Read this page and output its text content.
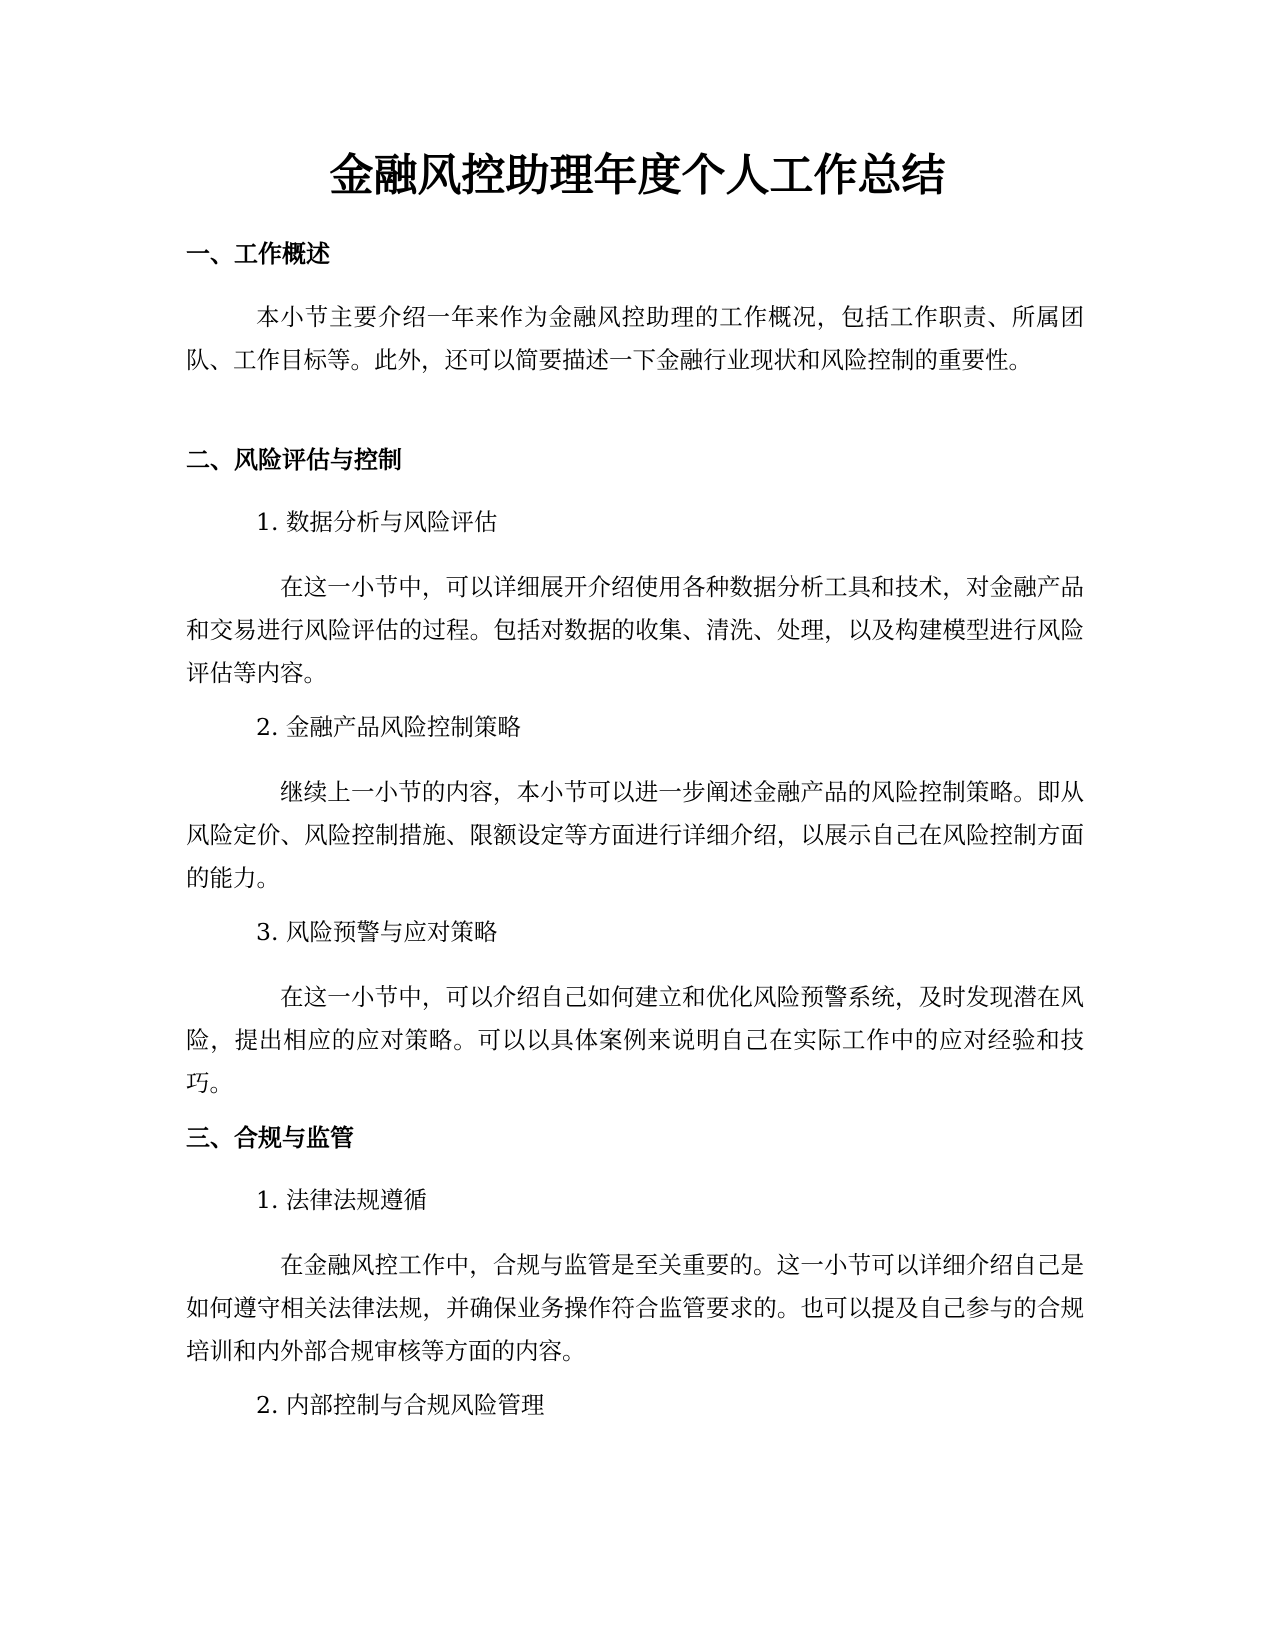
金融风控助理年度个人工作总结
一、工作概述

本小节主要介绍一年来作为金融风控助理的工作概况，包括工作职责、所属团队、工作目标等。此外，还可以简要描述一下金融行业现状和风险控制的重要性。

二、风险评估与控制

1. 数据分析与风险评估

在这一小节中，可以详细展开介绍使用各种数据分析工具和技术，对金融产品和交易进行风险评估的过程。包括对数据的收集、清洗、处理，以及构建模型进行风险评估等内容。

2. 金融产品风险控制策略

继续上一小节的内容，本小节可以进一步阐述金融产品的风险控制策略。即从风险定价、风险控制措施、限额设定等方面进行详细介绍，以展示自己在风险控制方面的能力。

3. 风险预警与应对策略

在这一小节中，可以介绍自己如何建立和优化风险预警系统，及时发现潜在风险，提出相应的应对策略。可以以具体案例来说明自己在实际工作中的应对经验和技巧。

三、合规与监管

1. 法律法规遵循

在金融风控工作中，合规与监管是至关重要的。这一小节可以详细介绍自己是如何遵守相关法律法规，并确保业务操作符合监管要求的。也可以提及自己参与的合规培训和内外部合规审核等方面的内容。

2. 内部控制与合规风险管理
